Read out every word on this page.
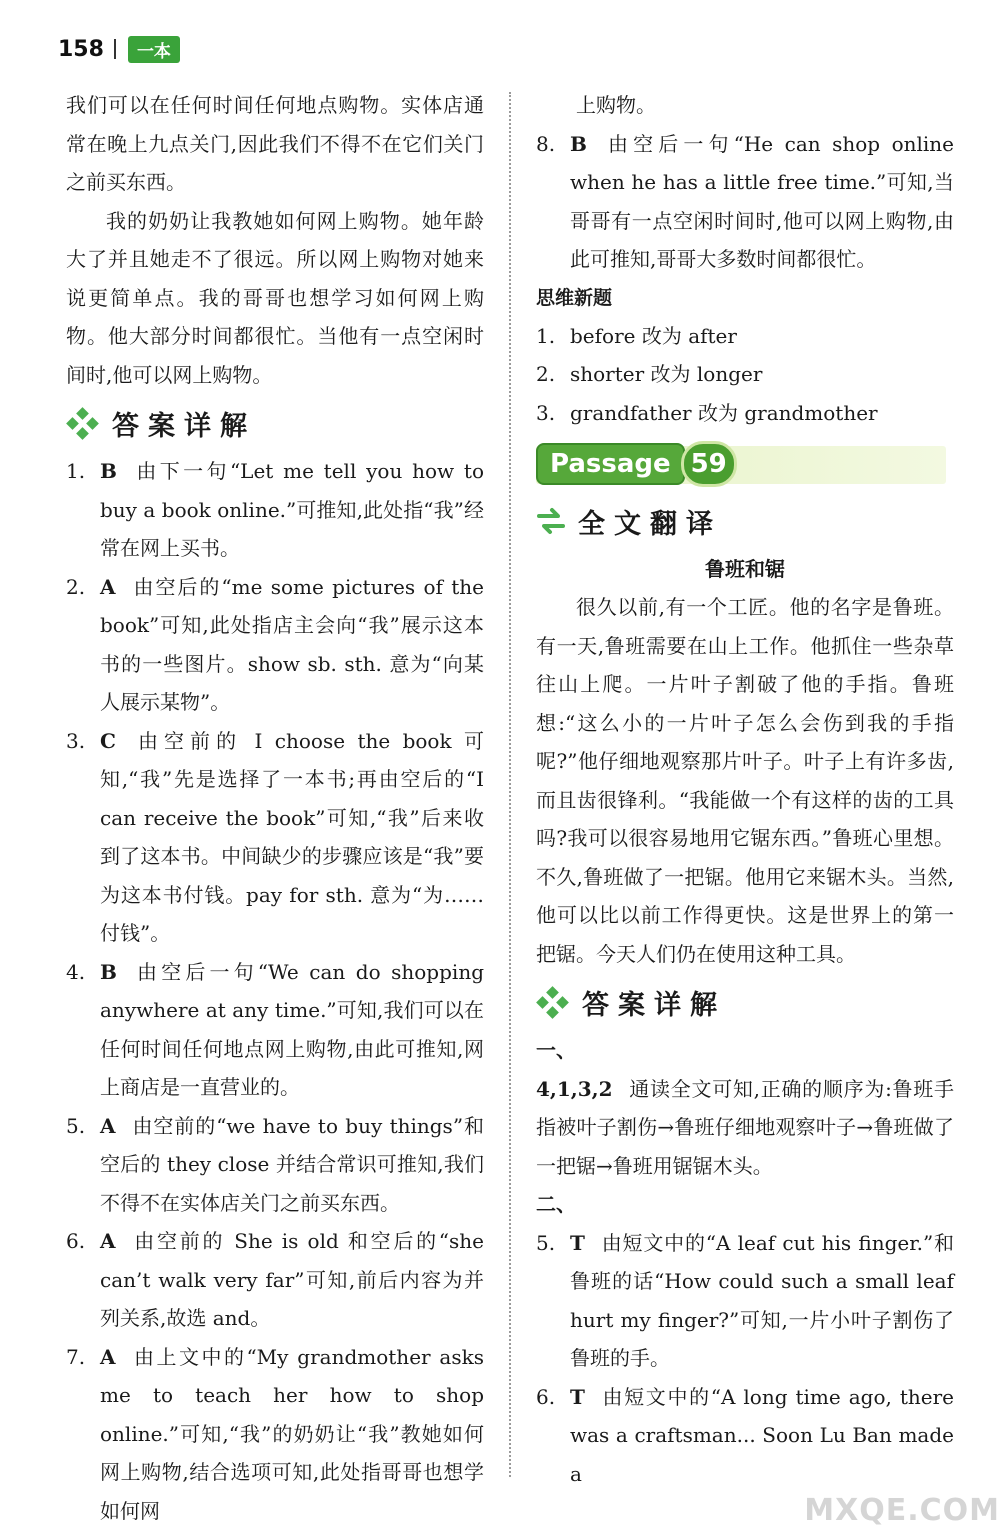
158	一本

我们可以在任何时间任何地点购物。实体店通常在晚上九点关门,因此我们不得不在它们关门之前买东西。

我的奶奶让我教她如何网上购物。她年龄大了并且她走不了很远。所以网上购物对她来说更简单点。我的哥哥也想学习如何网上购物。他大部分时间都很忙。当他有一点空闲时间时,他可以网上购物。

答案详解
1. B 由下一句“Let me tell you how to buy a book online.”可推知,此处指“我”经常在网上买书。
2. A 由空后的“me some pictures of the book”可知,此处指店主会向“我”展示这本书的一些图片。show sb. sth. 意为“向某人展示某物”。
3. C 由空前的 I choose the book 可知,“我”先是选择了一本书;再由空后的“I can receive the book”可知,“我”后来收到了这本书。中间缺少的步骤应该是“我”要为这本书付钱。pay for sth. 意为“为……付钱”。
4. B 由空后一句“We can do shopping anywhere at any time.”可知,我们可以在任何时间任何地点网上购物,由此可推知,网上商店是一直营业的。
5. A 由空前的“we have to buy things”和空后的 they close 并结合常识可推知,我们不得不在实体店关门之前买东西。
6. A 由空前的 She is old 和空后的“she can’t walk very far”可知,前后内容为并列关系,故选 and。
7. A 由上文中的“My grandmother asks me to teach her how to shop online.”可知,“我”的奶奶让“我”教她如何网上购物,结合选项可知,此处指哥哥也想学如何网

上购物。

8. B 由空后一句“He can shop online when he has a little free time.”可知,当哥哥有一点空闲时间时,他可以网上购物,由此可推知,哥哥大多数时间都很忙。
思维新题
1. before 改为 after
2. shorter 改为 longer
3. grandfather 改为 grandmother
Passage 59
全文翻译
鲁班和锯

很久以前,有一个工匠。他的名字是鲁班。有一天,鲁班需要在山上工作。他抓住一些杂草往山上爬。一片叶子割破了他的手指。鲁班想:“这么小的一片叶子怎么会伤到我的手指呢?”他仔细地观察那片叶子。叶子上有许多齿,而且齿很锋利。“我能做一个有这样的齿的工具吗?我可以很容易地用它锯东西。”鲁班心里想。不久,鲁班做了一把锯。他用它来锯木头。当然,他可以比以前工作得更快。这是世界上的第一把锯。今天人们仍在使用这种工具。

答案详解
一、

4,1,3,2 通读全文可知,正确的顺序为:鲁班手指被叶子割伤→鲁班仔细地观察叶子→鲁班做了一把锯→鲁班用锯锯木头。

二、
5. T 由短文中的“A leaf cut his finger.”和鲁班的话“How could such a small leaf hurt my finger?”可知,一片小叶子割伤了鲁班的手。
6. T 由短文中的“A long time ago, there was a craftsman... Soon Lu Ban made a
MXQE.COM
